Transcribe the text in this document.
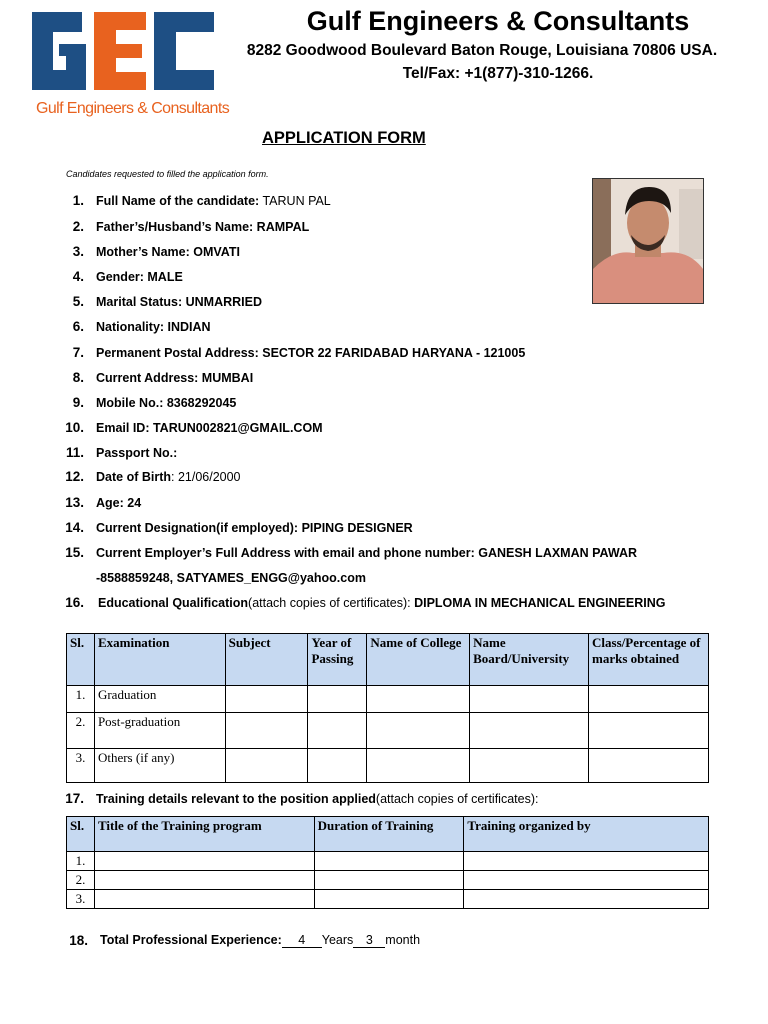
Gulf Engineers & Consultants
Gulf Engineers & Consultants
8282 Goodwood Boulevard Baton Rouge, Louisiana 70806 USA.
Tel/Fax: +1(877)-310-1266.
APPLICATION FORM
Candidates requested to filled the application form.
1. Full Name of the candidate: TARUN PAL
2. Father’s/Husband’s Name: RAMPAL
3. Mother’s Name: OMVATI
4. Gender: MALE
5. Marital Status: UNMARRIED
6. Nationality: INDIAN
7. Permanent Postal Address: SECTOR 22 FARIDABAD HARYANA - 121005
8. Current Address: MUMBAI
9. Mobile No.: 8368292045
10. Email ID: TARUN002821@GMAIL.COM
11. Passport No.:
12. Date of Birth: 21/06/2000
13. Age: 24
14. Current Designation(if employed): PIPING DESIGNER
15. Current Employer’s Full Address with email and phone number: GANESH LAXMAN PAWAR
-8588859248, SATYAMES_ENGG@yahoo.com
16. Educational Qualification(attach copies of certificates): DIPLOMA IN MECHANICAL ENGINEERING
Sl.	Examination	Subject	Year of Passing	Name of College	Name Board/University	Class/Percentage of marks obtained
1.	Graduation					
2.	Post-graduation					
3.	Others (if any)					
17. Training details relevant to the position applied(attach copies of certificates):
Sl.	Title of the Training program	Duration of Training	Training organized by
1.			
2.			
3.			
18. Total Professional Experience: 4 Years 3 month
